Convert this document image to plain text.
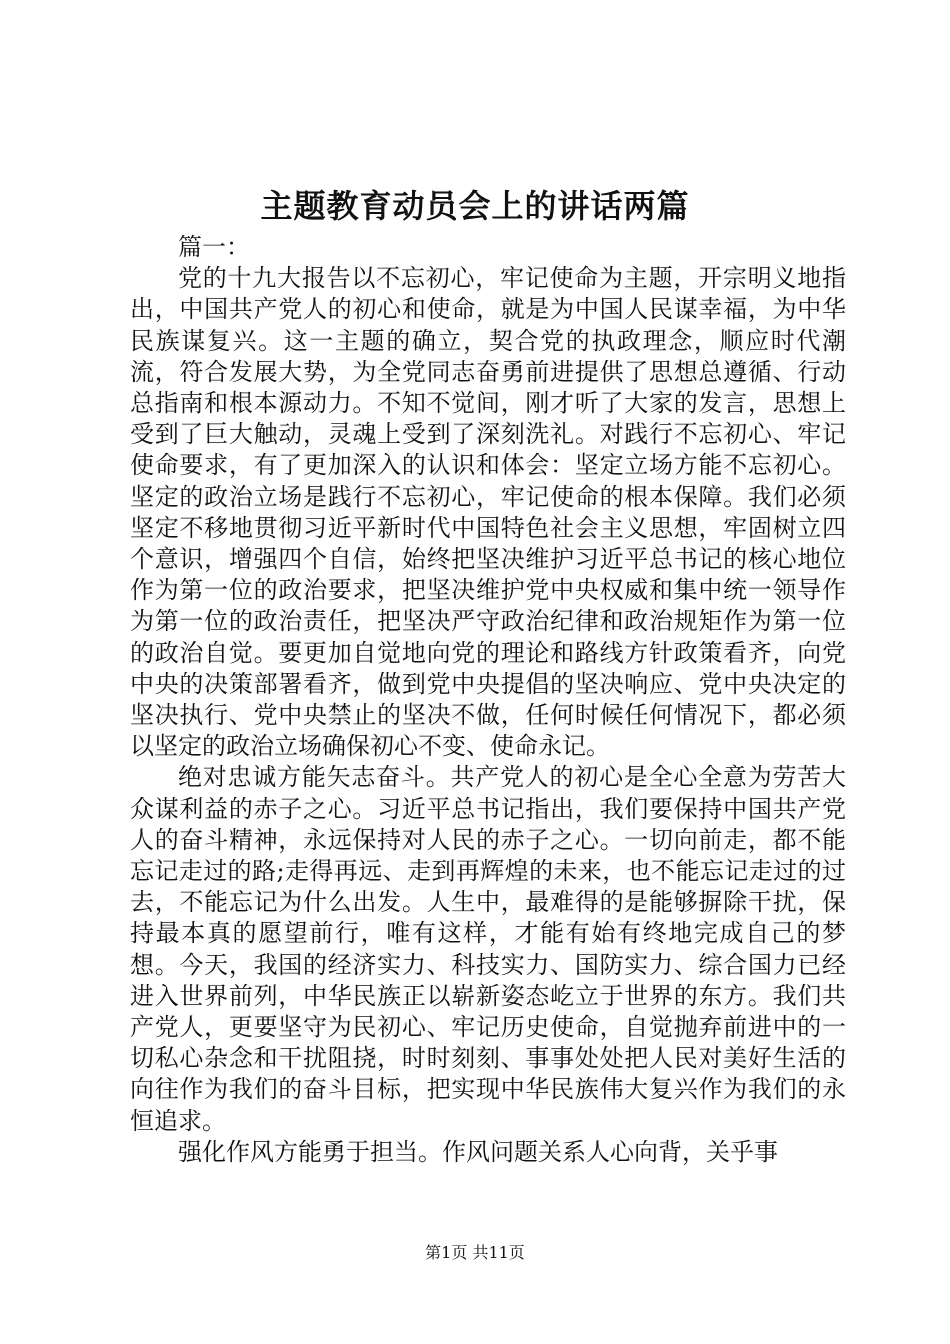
主题教育动员会上的讲话两篇

篇一：

党的十九大报告以不忘初心，牢记使命为主题，开宗明义地指出，中国共产党人的初心和使命，就是为中国人民谋幸福，为中华民族谋复兴。这一主题的确立，契合党的执政理念，顺应时代潮流，符合发展大势，为全党同志奋勇前进提供了思想总遵循、行动总指南和根本源动力。不知不觉间，刚才听了大家的发言，思想上受到了巨大触动，灵魂上受到了深刻洗礼。对践行不忘初心、牢记使命要求，有了更加深入的认识和体会：坚定立场方能不忘初心。坚定的政治立场是践行不忘初心，牢记使命的根本保障。我们必须坚定不移地贯彻习近平新时代中国特色社会主义思想，牢固树立四个意识，增强四个自信，始终把坚决维护习近平总书记的核心地位作为第一位的政治要求，把坚决维护党中央权威和集中统一领导作为第一位的政治责任，把坚决严守政治纪律和政治规矩作为第一位的政治自觉。要更加自觉地向党的理论和路线方针政策看齐，向党中央的决策部署看齐，做到党中央提倡的坚决响应、党中央决定的坚决执行、党中央禁止的坚决不做，任何时候任何情况下，都必须以坚定的政治立场确保初心不变、使命永记。

绝对忠诚方能矢志奋斗。共产党人的初心是全心全意为劳苦大众谋利益的赤子之心。习近平总书记指出，我们要保持中国共产党人的奋斗精神，永远保持对人民的赤子之心。一切向前走，都不能忘记走过的路;走得再远、走到再辉煌的未来，也不能忘记走过的过去，不能忘记为什么出发。人生中，最难得的是能够摒除干扰，保持最本真的愿望前行，唯有这样，才能有始有终地完成自己的梦想。今天，我国的经济实力、科技实力、国防实力、综合国力已经进入世界前列，中华民族正以崭新姿态屹立于世界的东方。我们共产党人，更要坚守为民初心、牢记历史使命，自觉抛弃前进中的一切私心杂念和干扰阻挠，时时刻刻、事事处处把人民对美好生活的向往作为我们的奋斗目标，把实现中华民族伟大复兴作为我们的永恒追求。

强化作风方能勇于担当。作风问题关系人心向背，关乎事

第1页 共11页
